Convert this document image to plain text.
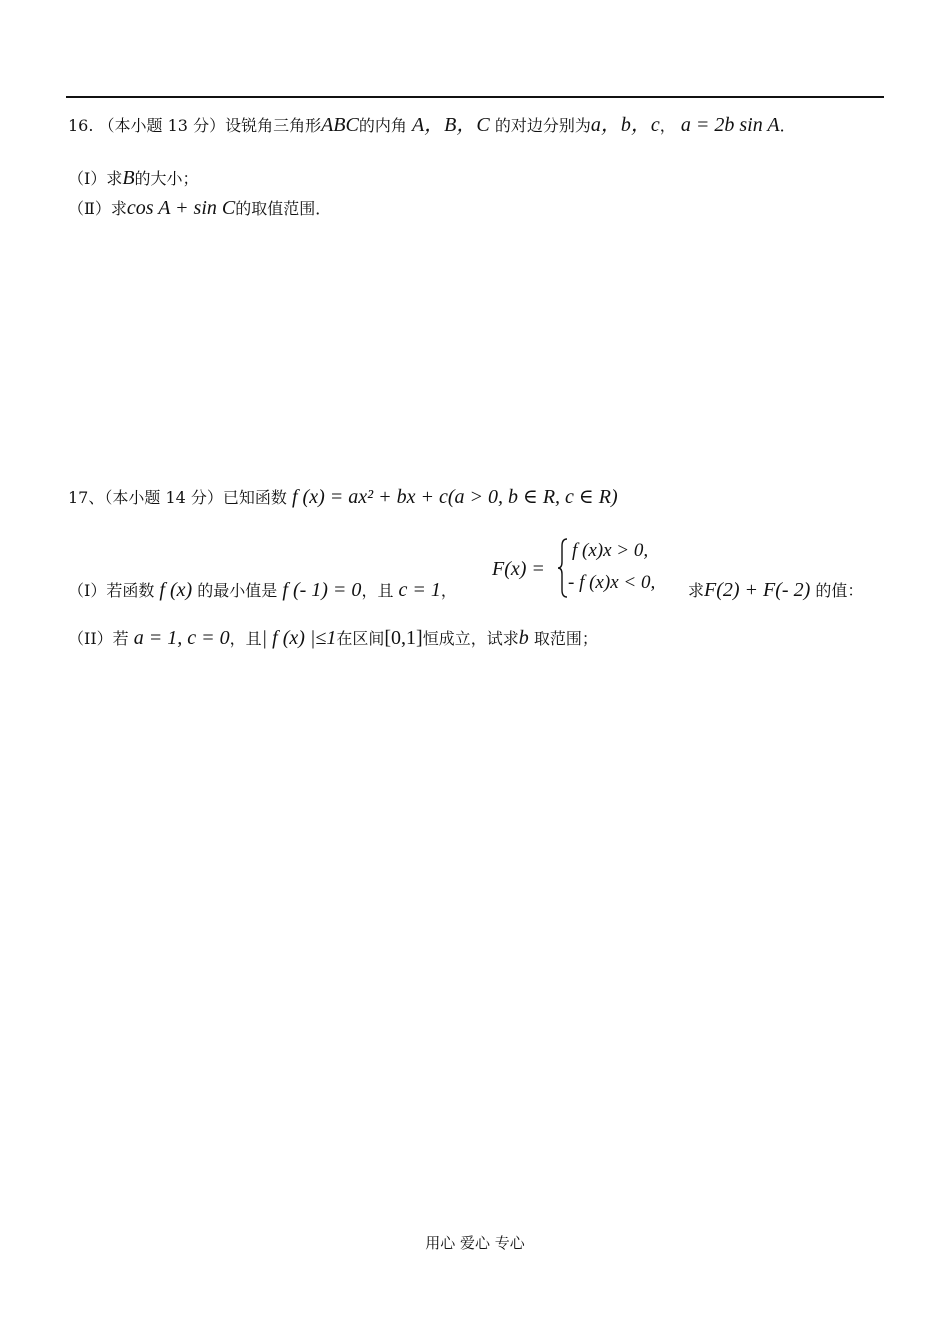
16. （本小题 13 分）设锐角三角形ABC的内角 A，B，C 的对边分别为a，b，c， a = 2b sin A．
（Ⅰ）求B的大小；
（Ⅱ）求cos A + sin C的取值范围．
17、（本小题 14 分）已知函数 f (x) = ax² + bx + c(a > 0, b ∈ R, c ∈ R)
（I）若函数 f (x) 的最小值是 f (- 1) = 0，且 c = 1，
F(x) =
f (x)x > 0,
- f (x)x < 0, 求F(2) + F(- 2) 的值：
（II）若 a = 1, c = 0，且| f (x) |≤1在区间[0,1]恒成立，试求b 取范围；
用心 爱心 专心
